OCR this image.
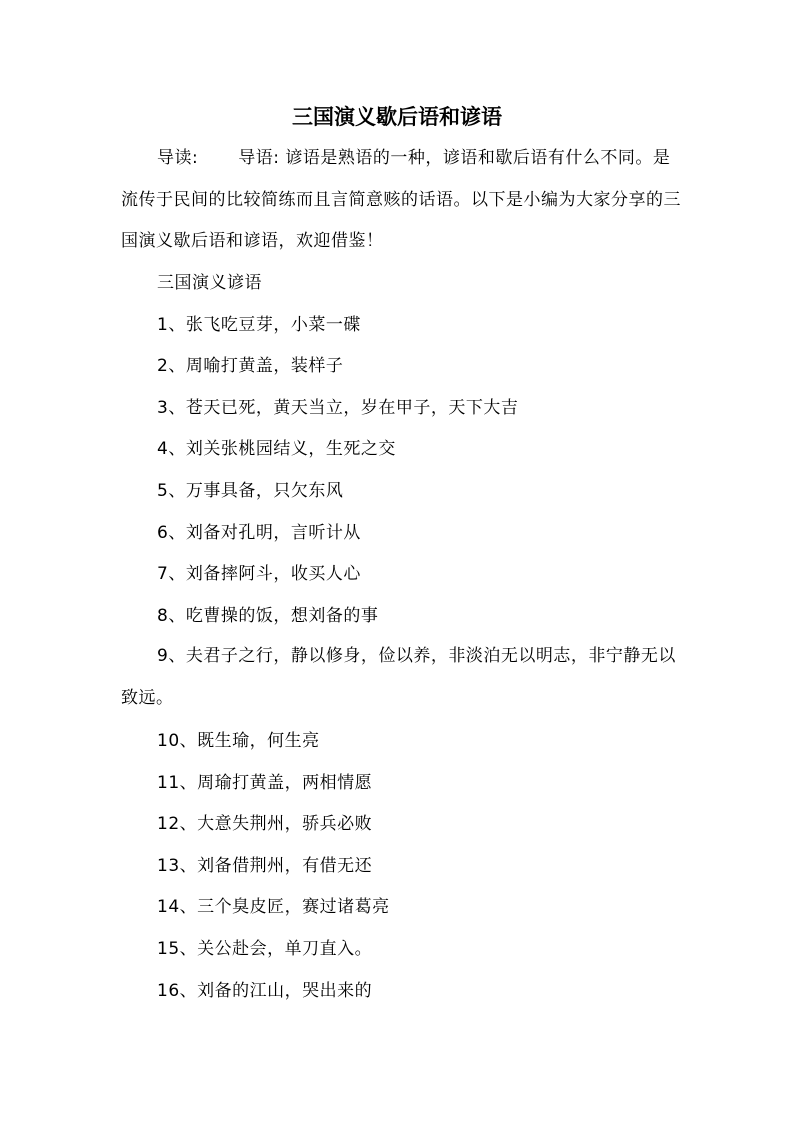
三国演义歇后语和谚语
导读: 导语: 谚语是熟语的一种，谚语和歇后语有什么不同。是流传于民间的比较简练而且言简意赅的话语。以下是小编为大家分享的三国演义歇后语和谚语，欢迎借鉴！
三国演义谚语
1、张飞吃豆芽，小菜一碟
2、周喻打黄盖，装样子
3、苍天已死，黄天当立，岁在甲子，天下大吉
4、刘关张桃园结义，生死之交
5、万事具备，只欠东风
6、刘备对孔明，言听计从
7、刘备摔阿斗，收买人心
8、吃曹操的饭，想刘备的事
9、夫君子之行，静以修身，俭以养，非淡泊无以明志，非宁静无以致远。
10、既生瑜，何生亮
11、周瑜打黄盖，两相情愿
12、大意失荆州，骄兵必败
13、刘备借荆州，有借无还
14、三个臭皮匠，赛过诸葛亮
15、关公赴会，单刀直入。
16、刘备的江山，哭出来的
